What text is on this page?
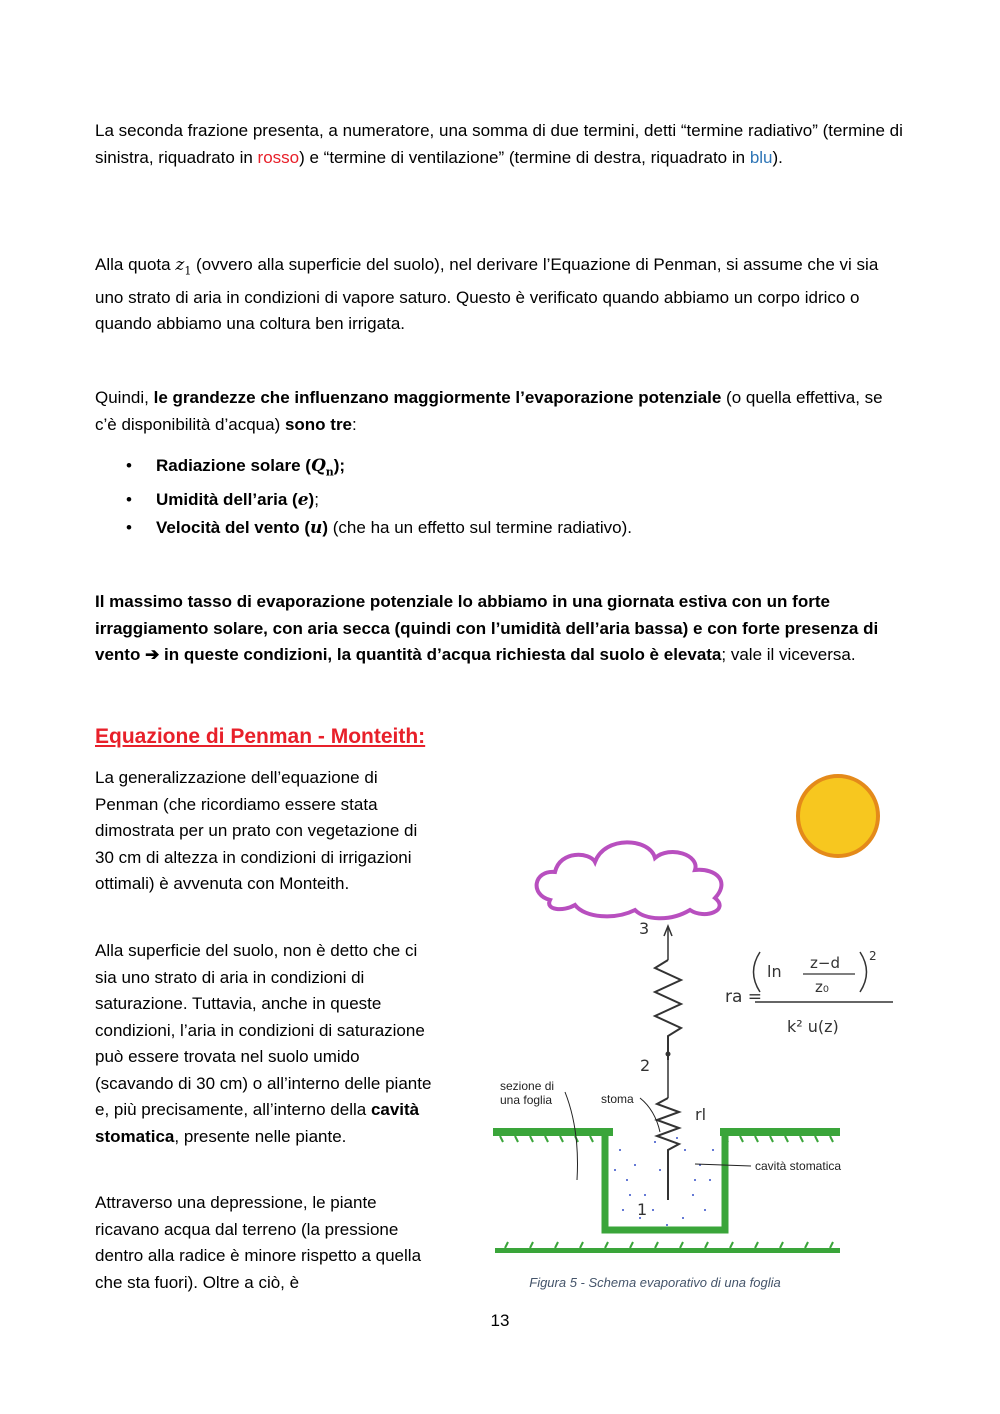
La seconda frazione presenta, a numeratore, una somma di due termini, detti “termine radiativo” (termine di sinistra, riquadrato in rosso) e “termine di ventilazione” (termine di destra, riquadrato in blu).

Alla quota $z_1$ (ovvero alla superficie del suolo), nel derivare l’Equazione di Penman, si assume che vi sia uno strato di aria in condizioni di vapore saturo. Questo è verificato quando abbiamo un corpo idrico o quando abbiamo una coltura ben irrigata.

Quindi, le grandezze che influenzano maggiormente l’evaporazione potenziale (o quella effettiva, se c’è disponibilità d’acqua) sono tre:

• Radiazione solare $(Q_n)$;
• Umidità dell’aria (e);
• Velocità del vento (u) (che ha un effetto sul termine radiativo).

Il massimo tasso di evaporazione potenziale lo abbiamo in una giornata estiva con un forte irraggiamento solare, con aria secca (quindi con l’umidità dell’aria bassa) e con forte presenza di vento ➔ in queste condizioni, la quantità d’acqua richiesta dal suolo è elevata; vale il viceversa.

Equazione di Penman - Monteith:

La generalizzazione dell’equazione di Penman (che ricordiamo essere stata dimostrata per un prato con vegetazione di 30 cm di altezza in condizioni di irrigazioni ottimali) è avvenuta con Monteith.

Alla superficie del suolo, non è detto che ci sia uno strato di aria in condizioni di saturazione. Tuttavia, anche in queste condizioni, l’aria in condizioni di saturazione può essere trovata nel suolo umido (scavando di 30 cm) o all’interno delle piante e, più precisamente, all’interno della cavità stomatica, presente nelle piante.

Attraverso una depressione, le piante ricavano acqua dal terreno (la pressione dentro alla radice è minore rispetto a quella che sta fuori). Oltre a ciò, è

3
2
ra =
ln z−d
z₀
2
k² u(z)
rl
1
sezione di
una foglia	stoma
cavità stomatica
Figura 5 - Schema evaporativo di una foglia
13
